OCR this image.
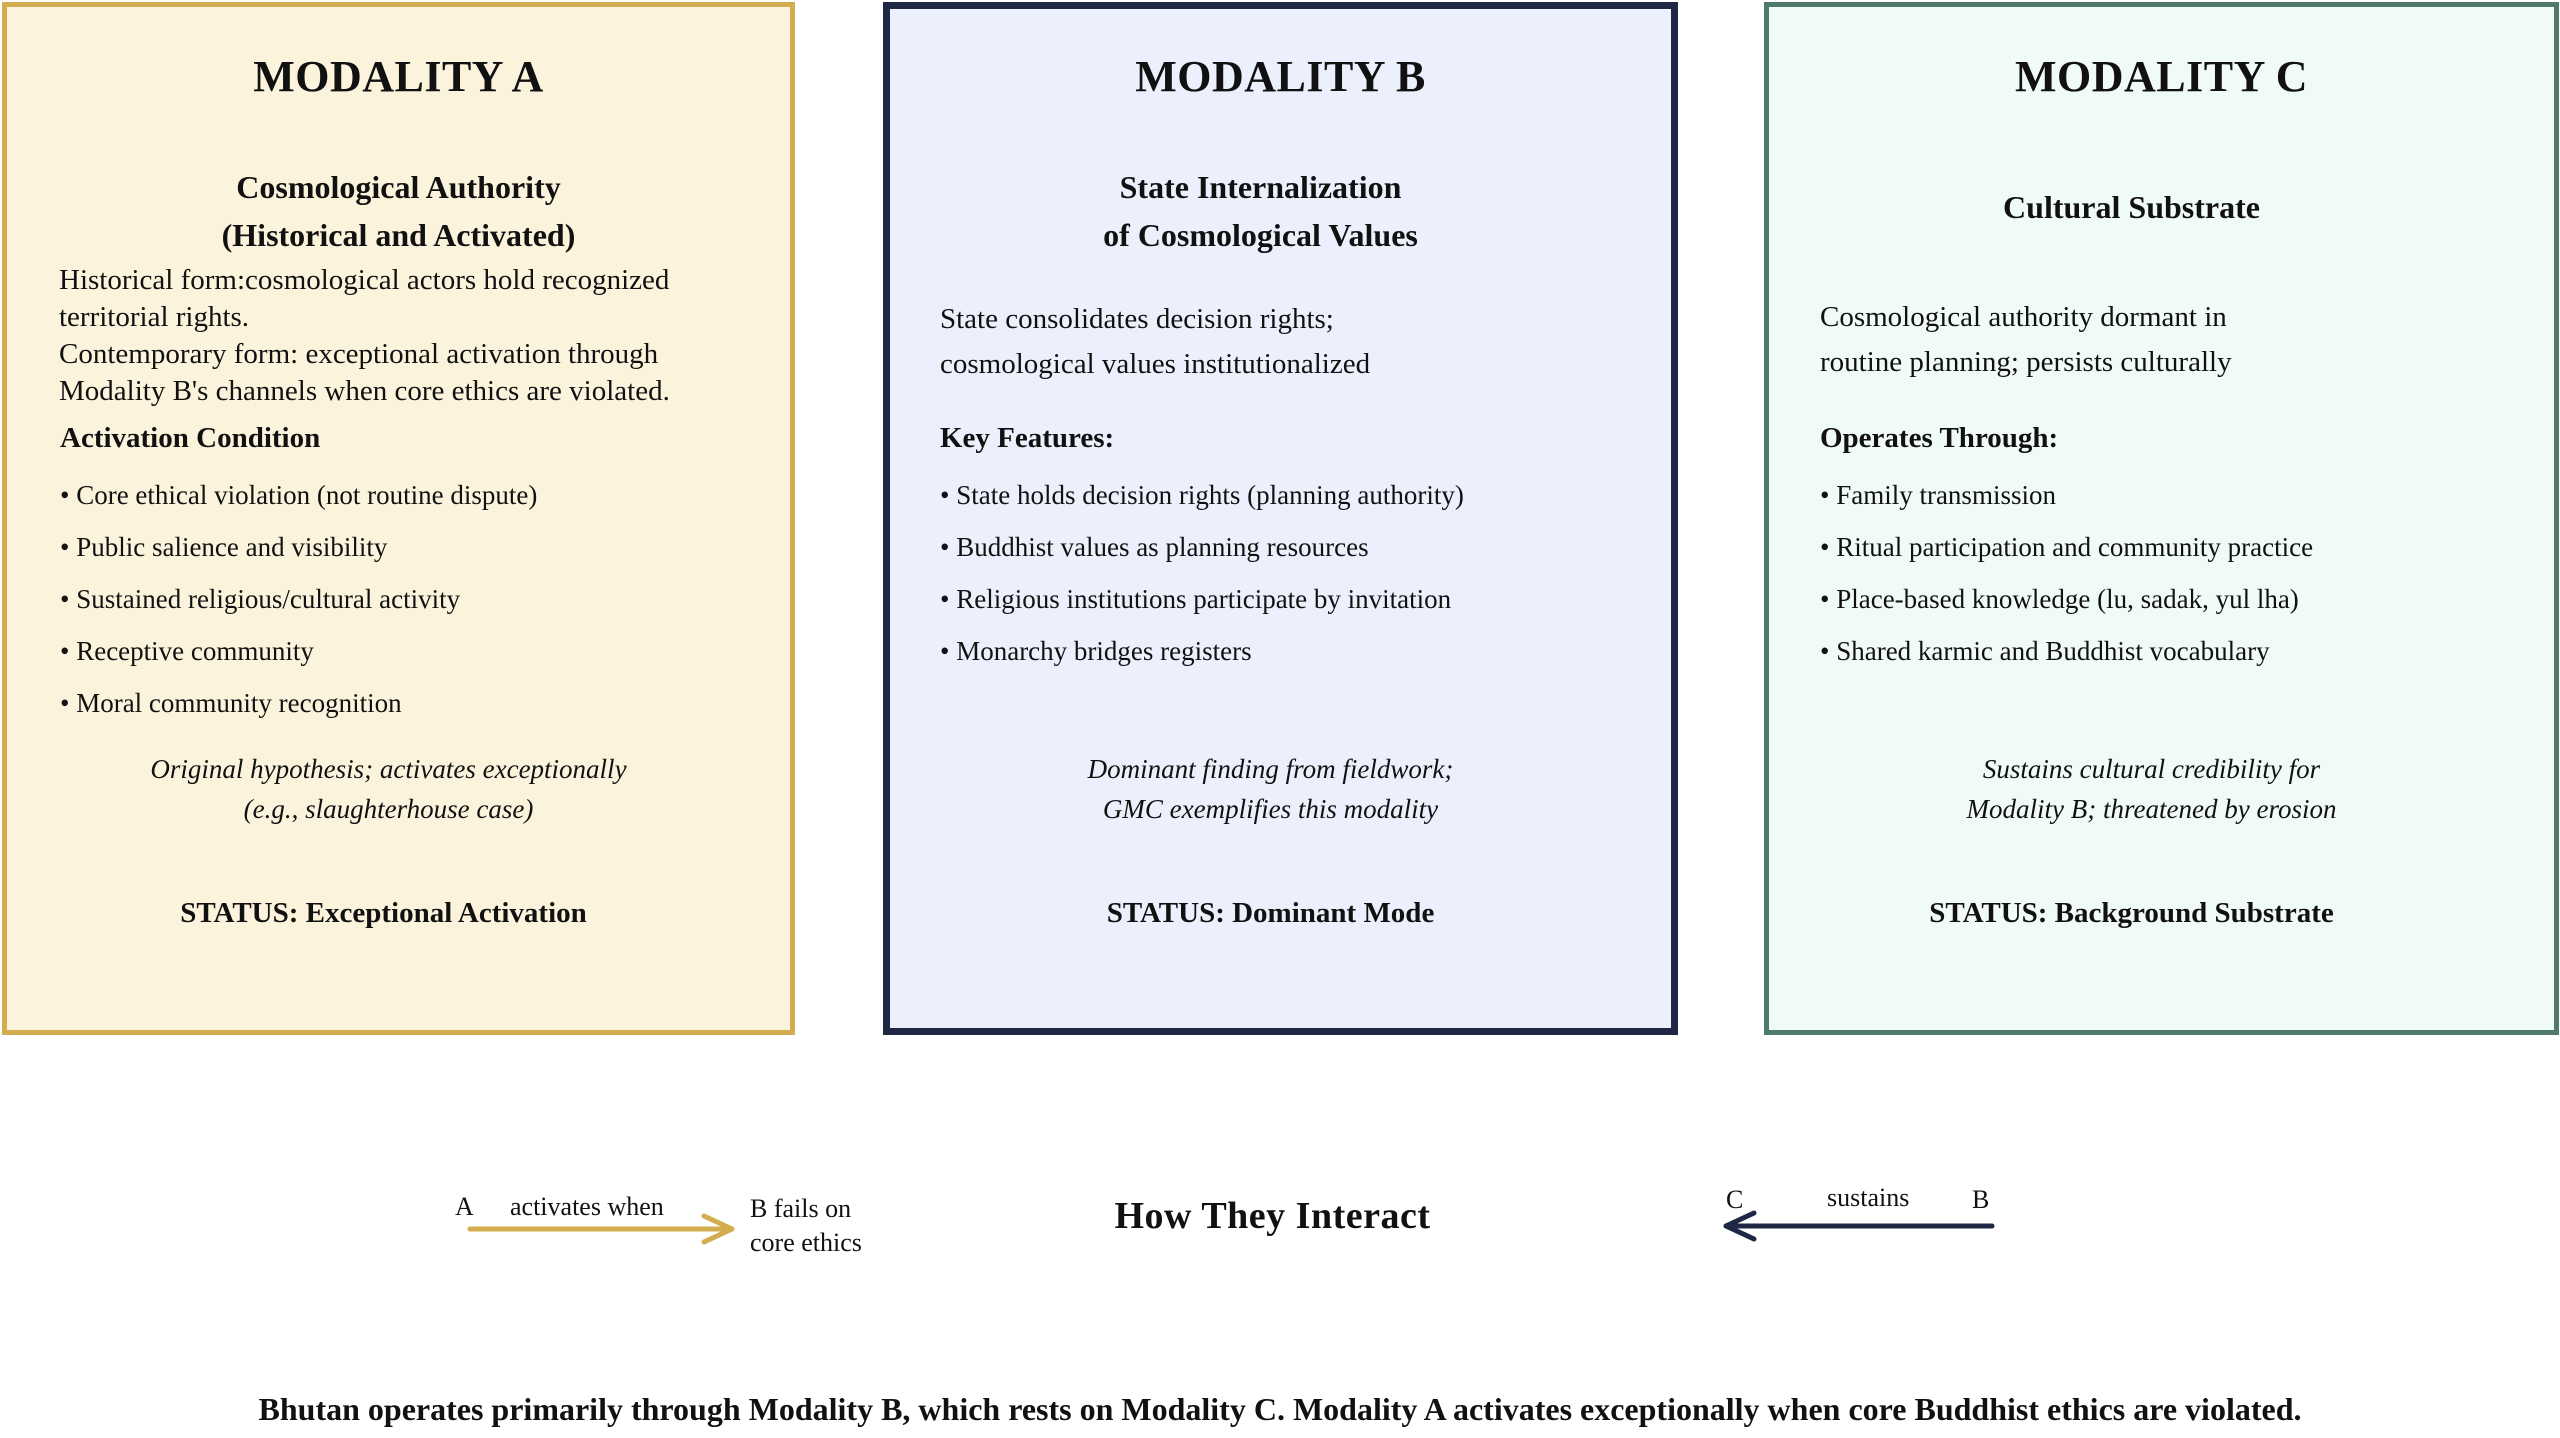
MODALITY A
Cosmological Authority
(Historical and Activated)
Historical form:cosmological actors hold recognized
territorial rights.
Contemporary form: exceptional activation through
Modality B's channels when core ethics are violated.
Activation Condition
• Core ethical violation (not routine dispute)
• Public salience and visibility
• Sustained religious/cultural activity
• Receptive community
• Moral community recognition
Original hypothesis; activates exceptionally
(e.g., slaughterhouse case)
STATUS: Exceptional Activation
MODALITY B
State Internalization
of Cosmological Values
State consolidates decision rights;
cosmological values institutionalized
Key Features:
• State holds decision rights (planning authority)
• Buddhist values as planning resources
• Religious institutions participate by invitation
• Monarchy bridges registers
Dominant finding from fieldwork;
GMC exemplifies this modality
STATUS: Dominant Mode
MODALITY C
Cultural Substrate
Cosmological authority dormant in
routine planning; persists culturally
Operates Through:
• Family transmission
• Ritual participation and community practice
• Place-based knowledge (lu, sadak, yul lha)
• Shared karmic and Buddhist vocabulary
Sustains cultural credibility for
Modality B; threatened by erosion
STATUS: Background Substrate
A activates when	B fails on
core ethics
How They Interact	C	sustains B
Bhutan operates primarily through Modality B, which rests on Modality C. Modality A activates exceptionally when core Buddhist ethics are violated.
